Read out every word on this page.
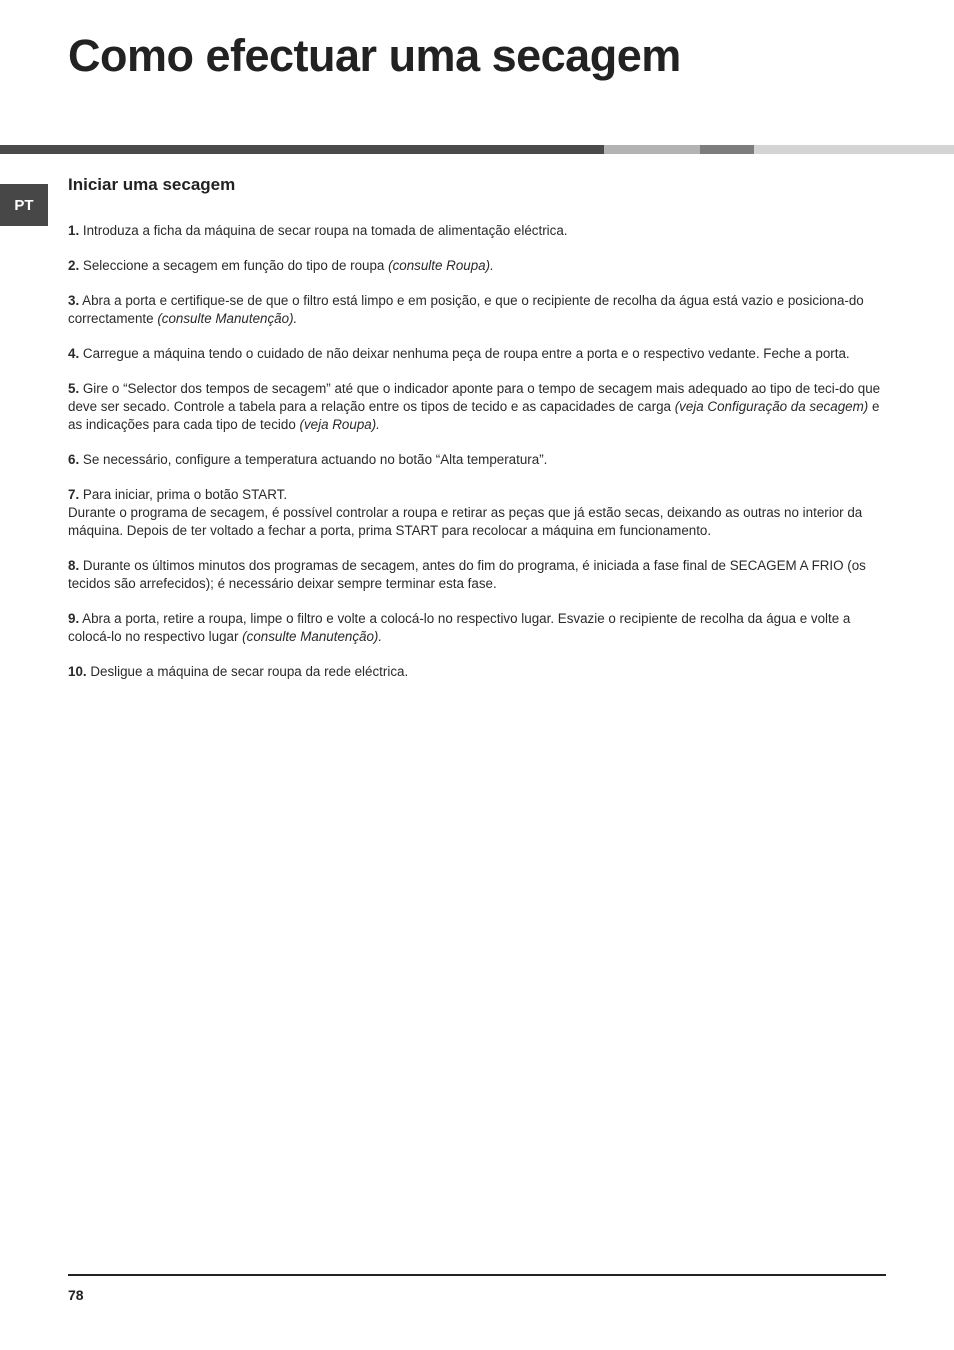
Como efectuar uma secagem
PT
Iniciar uma secagem

1. Introduza a ficha da máquina de secar roupa na tomada de alimentação eléctrica.

2. Seleccione a secagem em função do tipo de roupa (consulte Roupa).

3. Abra a porta e certifique-se de que o filtro está limpo e em posição, e que o recipiente de recolha da água está vazio e posiciona-do correctamente (consulte Manutenção).

4. Carregue a máquina tendo o cuidado de não deixar nenhuma peça de roupa entre a porta e o respectivo vedante. Feche a porta.

5. Gire o “Selector dos tempos de secagem” até que o indicador aponte para o tempo de secagem mais adequado ao tipo de teci-do que deve ser secado. Controle a tabela para a relação entre os tipos de tecido e as capacidades de carga (veja Configuração da secagem) e as indicações para cada tipo de tecido (veja Roupa).

6. Se necessário, configure a temperatura actuando no botão “Alta temperatura”.

7. Para iniciar, prima o botão START.
Durante o programa de secagem, é possível controlar a roupa e retirar as peças que já estão secas, deixando as outras no interior da máquina. Depois de ter voltado a fechar a porta, prima START para recolocar a máquina em funcionamento.

8. Durante os últimos minutos dos programas de secagem, antes do fim do programa, é iniciada a fase final de SECAGEM A FRIO (os tecidos são arrefecidos); é necessário deixar sempre terminar esta fase.

9. Abra a porta, retire a roupa, limpe o filtro e volte a colocá-lo no respectivo lugar. Esvazie o recipiente de recolha da água e volte a colocá-lo no respectivo lugar (consulte Manutenção).

10. Desligue a máquina de secar roupa da rede eléctrica.

78
